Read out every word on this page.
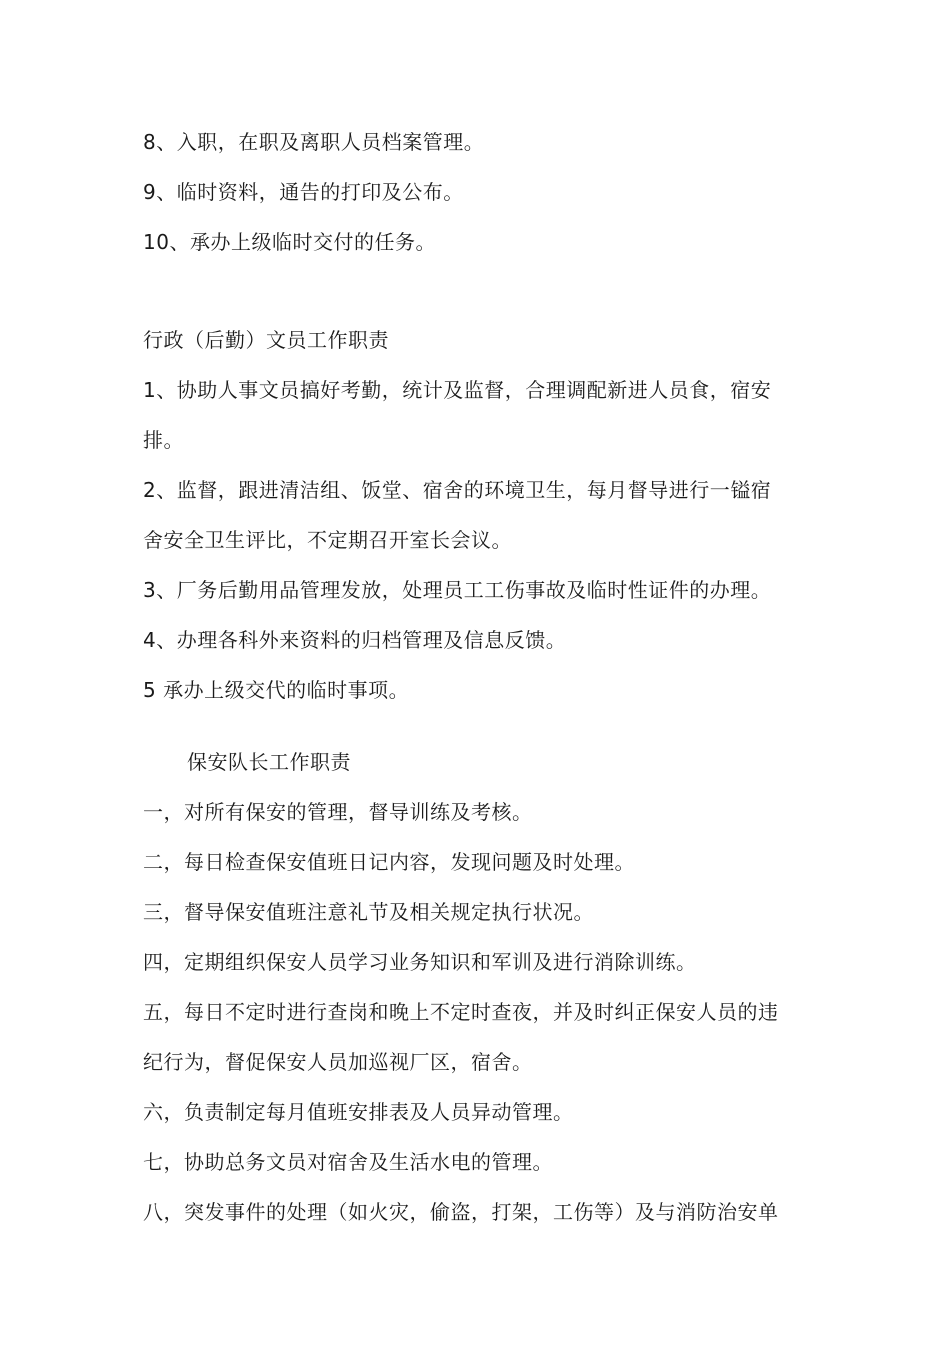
8、入职，在职及离职人员档案管理。
9、临时资料，通告的打印及公布。
10、承办上级临时交付的任务。
行政（后勤）文员工作职责
1、协助人事文员搞好考勤，统计及监督，合理调配新进人员食，宿安
排。
2、监督，跟进清洁组、饭堂、宿舍的环境卫生，每月督导进行一镒宿
舍安全卫生评比，不定期召开室长会议。
3、厂务后勤用品管理发放，处理员工工伤事故及临时性证件的办理。
4、办理各科外来资料的归档管理及信息反馈。
5 承办上级交代的临时事项。
保安队长工作职责
一，对所有保安的管理，督导训练及考核。
二，每日检查保安值班日记内容，发现问题及时处理。
三，督导保安值班注意礼节及相关规定执行状况。
四，定期组织保安人员学习业务知识和军训及进行消除训练。
五，每日不定时进行查岗和晚上不定时查夜，并及时纠正保安人员的违
纪行为，督促保安人员加巡视厂区，宿舍。
六，负责制定每月值班安排表及人员异动管理。
七，协助总务文员对宿舍及生活水电的管理。
八，突发事件的处理（如火灾，偷盗，打架，工伤等）及与消防治安单
